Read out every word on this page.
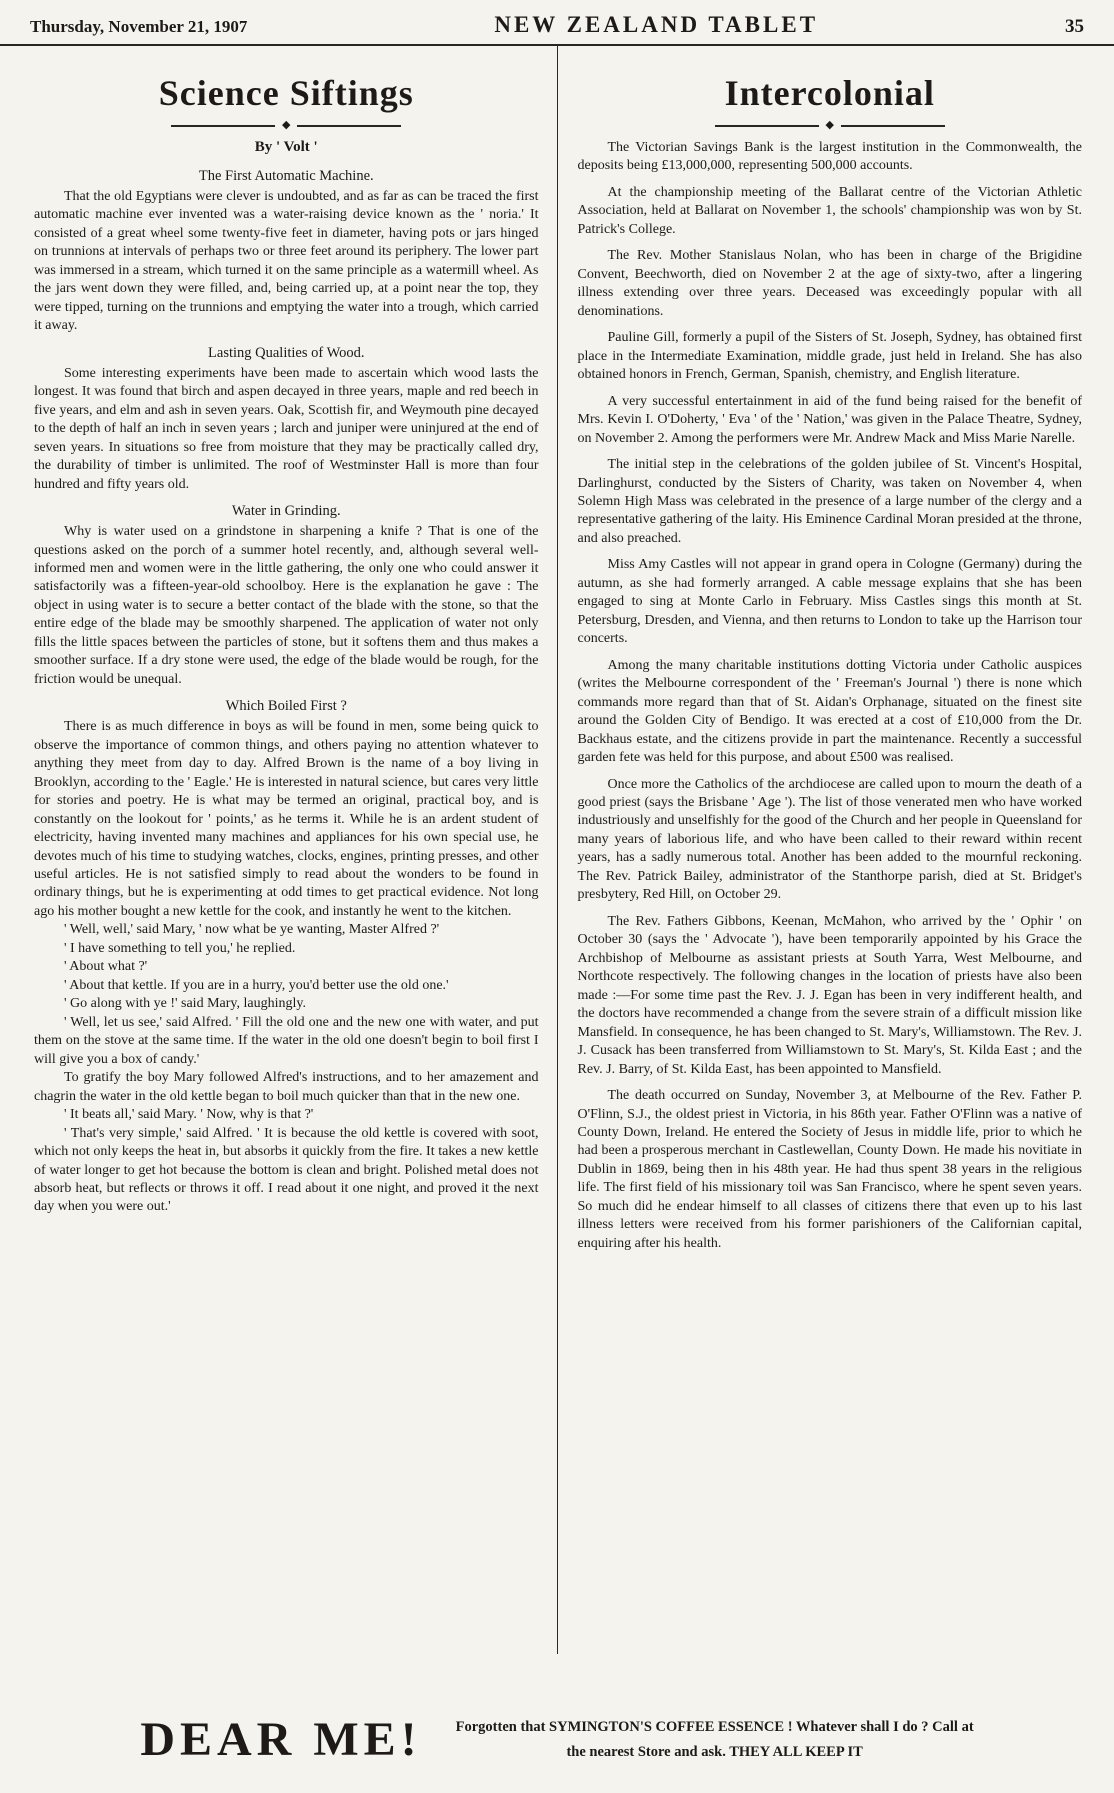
Thursday, November 21, 1907	NEW ZEALAND TABLET	35
Science Siftings
◆
By ' Volt '
The First Automatic Machine.

That the old Egyptians were clever is undoubted, and as far as can be traced the first automatic machine ever invented was a water-raising device known as the ' noria.' It consisted of a great wheel some twenty-five feet in diameter, having pots or jars hinged on trunnions at intervals of perhaps two or three feet around its periphery. The lower part was immersed in a stream, which turned it on the same principle as a watermill wheel. As the jars went down they were filled, and, being carried up, at a point near the top, they were tipped, turning on the trunnions and emptying the water into a trough, which carried it away.

Lasting Qualities of Wood.

Some interesting experiments have been made to ascertain which wood lasts the longest. It was found that birch and aspen decayed in three years, maple and red beech in five years, and elm and ash in seven years. Oak, Scottish fir, and Weymouth pine decayed to the depth of half an inch in seven years ; larch and juniper were uninjured at the end of seven years. In situations so free from moisture that they may be practically called dry, the durability of timber is unlimited. The roof of Westminster Hall is more than four hundred and fifty years old.

Water in Grinding.

Why is water used on a grindstone in sharpening a knife ? That is one of the questions asked on the porch of a summer hotel recently, and, although several well-informed men and women were in the little gathering, the only one who could answer it satisfactorily was a fifteen-year-old schoolboy. Here is the explanation he gave : The object in using water is to secure a better contact of the blade with the stone, so that the entire edge of the blade may be smoothly sharpened. The application of water not only fills the little spaces between the particles of stone, but it softens them and thus makes a smoother surface. If a dry stone were used, the edge of the blade would be rough, for the friction would be unequal.

Which Boiled First ?

There is as much difference in boys as will be found in men, some being quick to observe the importance of common things, and others paying no attention whatever to anything they meet from day to day. Alfred Brown is the name of a boy living in Brooklyn, according to the ' Eagle.' He is interested in natural science, but cares very little for stories and poetry. He is what may be termed an original, practical boy, and is constantly on the lookout for ' points,' as he terms it. While he is an ardent student of electricity, having invented many machines and appliances for his own special use, he devotes much of his time to studying watches, clocks, engines, printing presses, and other useful articles. He is not satisfied simply to read about the wonders to be found in ordinary things, but he is experimenting at odd times to get practical evidence. Not long ago his mother bought a new kettle for the cook, and instantly he went to the kitchen.

' Well, well,' said Mary, ' now what be ye wanting, Master Alfred ?'

' I have something to tell you,' he replied.

' About what ?'

' About that kettle. If you are in a hurry, you'd better use the old one.'

' Go along with ye !' said Mary, laughingly.

' Well, let us see,' said Alfred. ' Fill the old one and the new one with water, and put them on the stove at the same time. If the water in the old one doesn't begin to boil first I will give you a box of candy.'

To gratify the boy Mary followed Alfred's instructions, and to her amazement and chagrin the water in the old kettle began to boil much quicker than that in the new one.

' It beats all,' said Mary. ' Now, why is that ?'

' That's very simple,' said Alfred. ' It is because the old kettle is covered with soot, which not only keeps the heat in, but absorbs it quickly from the fire. It takes a new kettle of water longer to get hot because the bottom is clean and bright. Polished metal does not absorb heat, but reflects or throws it off. I read about it one night, and proved it the next day when you were out.'

Intercolonial
◆

The Victorian Savings Bank is the largest institution in the Commonwealth, the deposits being £13,000,000, representing 500,000 accounts.

At the championship meeting of the Ballarat centre of the Victorian Athletic Association, held at Ballarat on November 1, the schools' championship was won by St. Patrick's College.

The Rev. Mother Stanislaus Nolan, who has been in charge of the Brigidine Convent, Beechworth, died on November 2 at the age of sixty-two, after a lingering illness extending over three years. Deceased was exceedingly popular with all denominations.

Pauline Gill, formerly a pupil of the Sisters of St. Joseph, Sydney, has obtained first place in the Intermediate Examination, middle grade, just held in Ireland. She has also obtained honors in French, German, Spanish, chemistry, and English literature.

A very successful entertainment in aid of the fund being raised for the benefit of Mrs. Kevin I. O'Doherty, ' Eva ' of the ' Nation,' was given in the Palace Theatre, Sydney, on November 2. Among the performers were Mr. Andrew Mack and Miss Marie Narelle.

The initial step in the celebrations of the golden jubilee of St. Vincent's Hospital, Darlinghurst, conducted by the Sisters of Charity, was taken on November 4, when Solemn High Mass was celebrated in the presence of a large number of the clergy and a representative gathering of the laity. His Eminence Cardinal Moran presided at the throne, and also preached.

Miss Amy Castles will not appear in grand opera in Cologne (Germany) during the autumn, as she had formerly arranged. A cable message explains that she has been engaged to sing at Monte Carlo in February. Miss Castles sings this month at St. Petersburg, Dresden, and Vienna, and then returns to London to take up the Harrison tour concerts.

Among the many charitable institutions dotting Victoria under Catholic auspices (writes the Melbourne correspondent of the ' Freeman's Journal ') there is none which commands more regard than that of St. Aidan's Orphanage, situated on the finest site around the Golden City of Bendigo. It was erected at a cost of £10,000 from the Dr. Backhaus estate, and the citizens provide in part the maintenance. Recently a successful garden fete was held for this purpose, and about £500 was realised.

Once more the Catholics of the archdiocese are called upon to mourn the death of a good priest (says the Brisbane ' Age '). The list of those venerated men who have worked industriously and unselfishly for the good of the Church and her people in Queensland for many years of laborious life, and who have been called to their reward within recent years, has a sadly numerous total. Another has been added to the mournful reckoning. The Rev. Patrick Bailey, administrator of the Stanthorpe parish, died at St. Bridget's presbytery, Red Hill, on October 29.

The Rev. Fathers Gibbons, Keenan, McMahon, who arrived by the ' Ophir ' on October 30 (says the ' Advocate '), have been temporarily appointed by his Grace the Archbishop of Melbourne as assistant priests at South Yarra, West Melbourne, and Northcote respectively. The following changes in the location of priests have also been made :—For some time past the Rev. J. J. Egan has been in very indifferent health, and the doctors have recommended a change from the severe strain of a difficult mission like Mansfield. In consequence, he has been changed to St. Mary's, Williamstown. The Rev. J. J. Cusack has been transferred from Williamstown to St. Mary's, St. Kilda East ; and the Rev. J. Barry, of St. Kilda East, has been appointed to Mansfield.

The death occurred on Sunday, November 3, at Melbourne of the Rev. Father P. O'Flinn, S.J., the oldest priest in Victoria, in his 86th year. Father O'Flinn was a native of County Down, Ireland. He entered the Society of Jesus in middle life, prior to which he had been a prosperous merchant in Castlewellan, County Down. He made his novitiate in Dublin in 1869, being then in his 48th year. He had thus spent 38 years in the religious life. The first field of his missionary toil was San Francisco, where he spent seven years. So much did he endear himself to all classes of citizens there that even up to his last illness letters were received from his former parishioners of the Californian capital, enquiring after his health.

DEAR ME! Forgotten that SYMINGTON'S COFFEE ESSENCE ! Whatever shall I do ? Call at
the nearest Store and ask. THEY ALL KEEP IT
